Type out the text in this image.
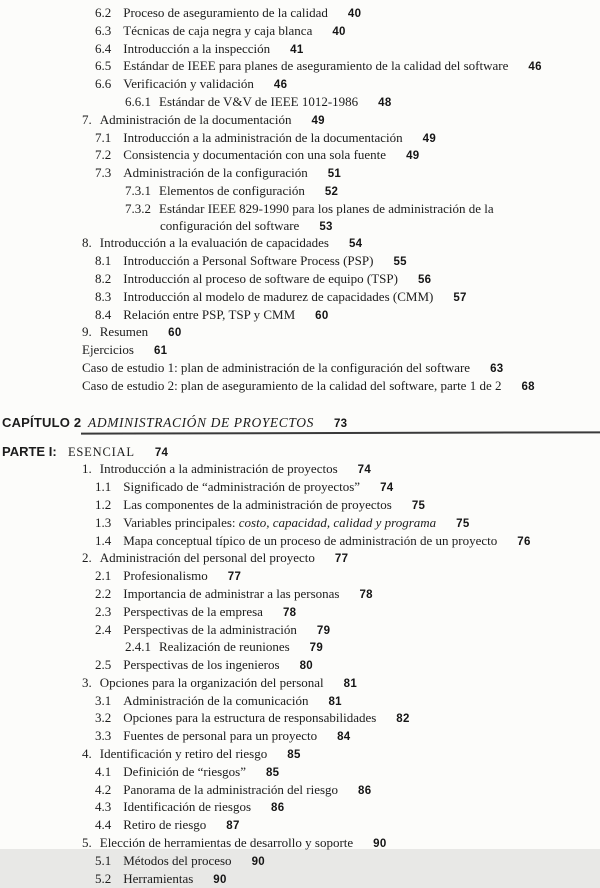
6.2 Proceso de aseguramiento de la calidad 40
6.3 Técnicas de caja negra y caja blanca 40
6.4 Introducción a la inspección 41
6.5 Estándar de IEEE para planes de aseguramiento de la calidad del software 46
6.6 Verificación y validación 46
6.6.1 Estándar de V&V de IEEE 1012-1986 48
7. Administración de la documentación 49
7.1 Introducción a la administración de la documentación 49
7.2 Consistencia y documentación con una sola fuente 49
7.3 Administración de la configuración 51
7.3.1 Elementos de configuración 52
7.3.2 Estándar IEEE 829-1990 para los planes de administración de la
configuración del software 53
8. Introducción a la evaluación de capacidades 54
8.1 Introducción a Personal Software Process (PSP) 55
8.2 Introducción al proceso de software de equipo (TSP) 56
8.3 Introducción al modelo de madurez de capacidades (CMM) 57
8.4 Relación entre PSP, TSP y CMM 60
9. Resumen 60
Ejercicios 61
Caso de estudio 1: plan de administración de la configuración del software 63
Caso de estudio 2: plan de aseguramiento de la calidad del software, parte 1 de 2 68
CAPÍTULO 2 ADMINISTRACIÓN DE PROYECTOS 73
PARTE I: ESENCIAL 74
1. Introducción a la administración de proyectos 74
1.1 Significado de “administración de proyectos” 74
1.2 Las componentes de la administración de proyectos 75
1.3 Variables principales: costo, capacidad, calidad y programa 75
1.4 Mapa conceptual típico de un proceso de administración de un proyecto 76
2. Administración del personal del proyecto 77
2.1 Profesionalismo 77
2.2 Importancia de administrar a las personas 78
2.3 Perspectivas de la empresa 78
2.4 Perspectivas de la administración 79
2.4.1 Realización de reuniones 79
2.5 Perspectivas de los ingenieros 80
3. Opciones para la organización del personal 81
3.1 Administración de la comunicación 81
3.2 Opciones para la estructura de responsabilidades 82
3.3 Fuentes de personal para un proyecto 84
4. Identificación y retiro del riesgo 85
4.1 Definición de “riesgos” 85
4.2 Panorama de la administración del riesgo 86
4.3 Identificación de riesgos 86
4.4 Retiro de riesgo 87
5. Elección de herramientas de desarrollo y soporte 90
5.1 Métodos del proceso 90
5.2 Herramientas 90
